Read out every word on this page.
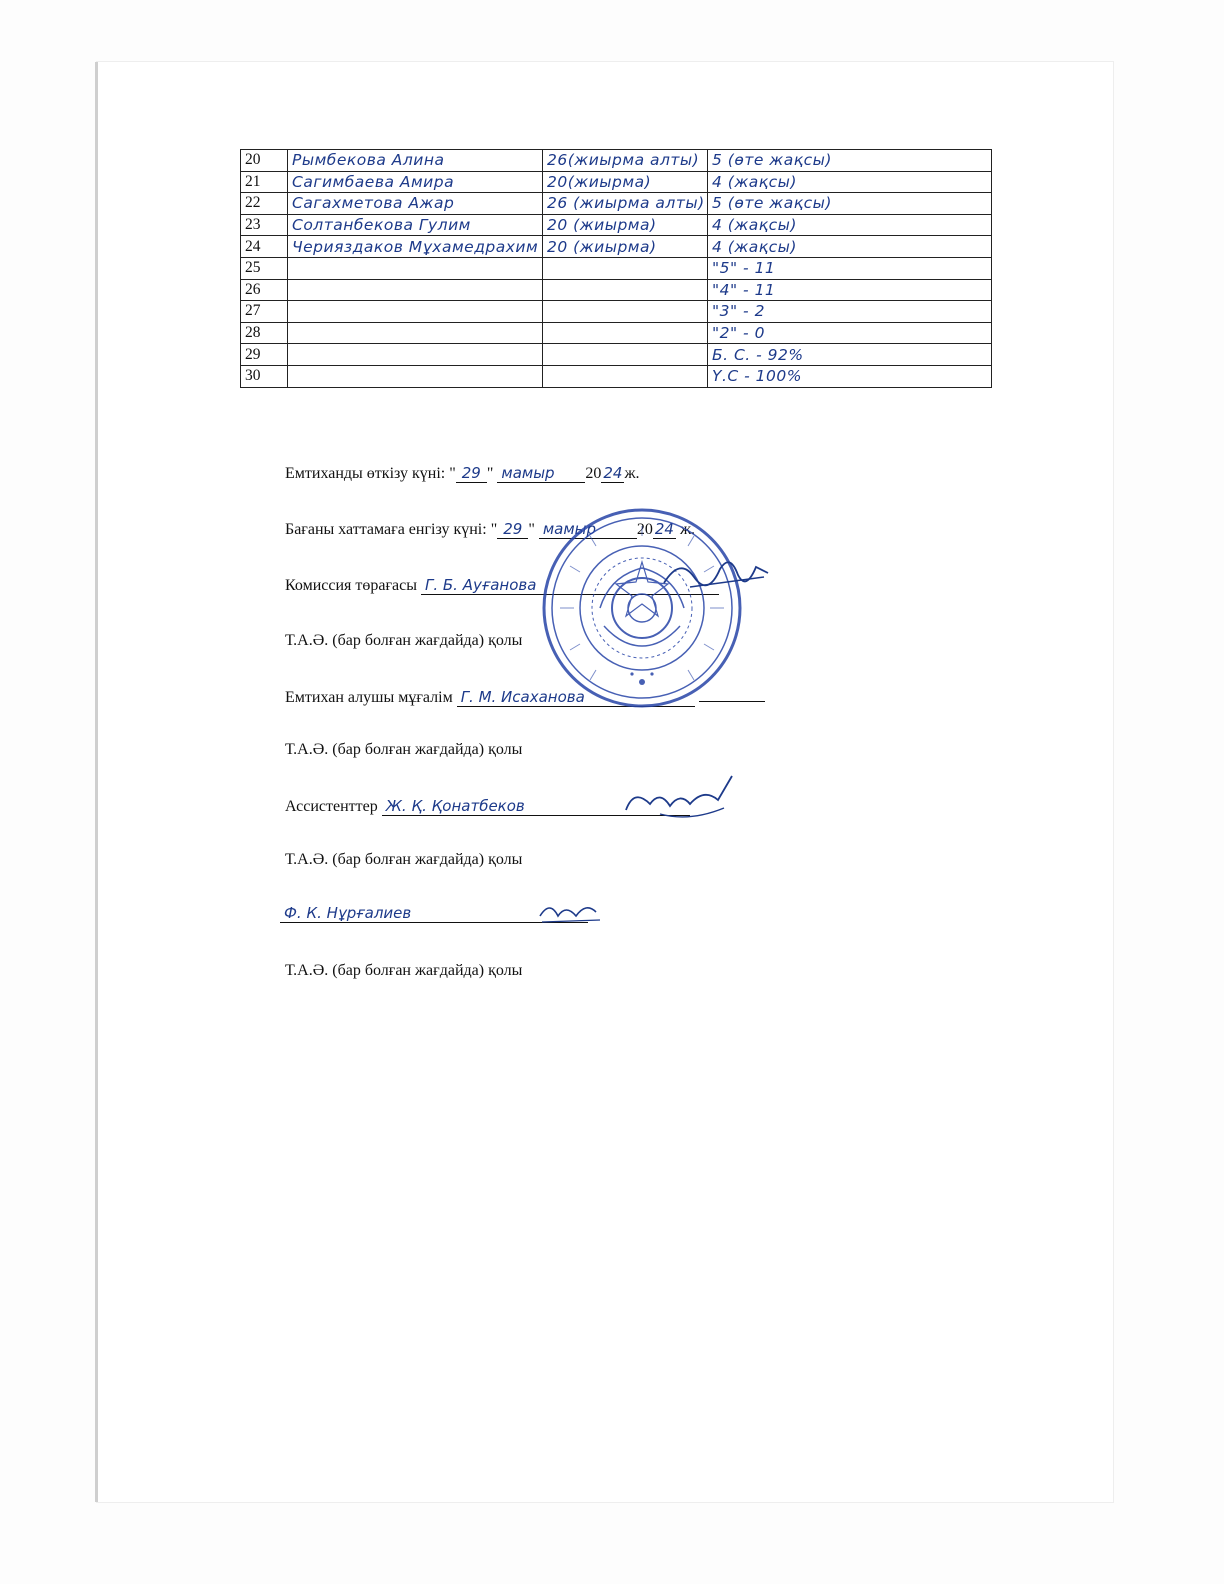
20	Рымбекова Алина	26(жиырма алты)	5 (өте жақсы)
21	Сагимбаева Амира	20(жиырма)	4 (жақсы)
22	Сагахметова Ажар	26 (жиырма алты)	5 (өте жақсы)
23	Солтанбекова Гулим	20 (жиырма)	4 (жақсы)
24	Черияздаков Мұхамедрахим	20 (жиырма)	4 (жақсы)
25			"5" - 11
26			"4" - 11
27			"3" - 2
28			"2" - 0
29			Б. С. - 92%
30			Ү.С - 100%
Емтиханды өткізу күні: " 29 " мамыр 20 24 ж.
Бағаны хаттамаға енгізу күні: " 29 " мамыр	20 24 ж.
Комиссия төрағасы Г. Б. Ауғанова
Т.А.Ә. (бар болған жағдайда) қолы
Емтихан алушы мұғалім Г. М. Исаханова
Т.А.Ә. (бар болған жағдайда) қолы
Ассистенттер Ж. Қ. Қонатбеков
Т.А.Ә. (бар болған жағдайда) қолы
Ф. К. Нұрғалиев
Т.А.Ә. (бар болған жағдайда) қолы
